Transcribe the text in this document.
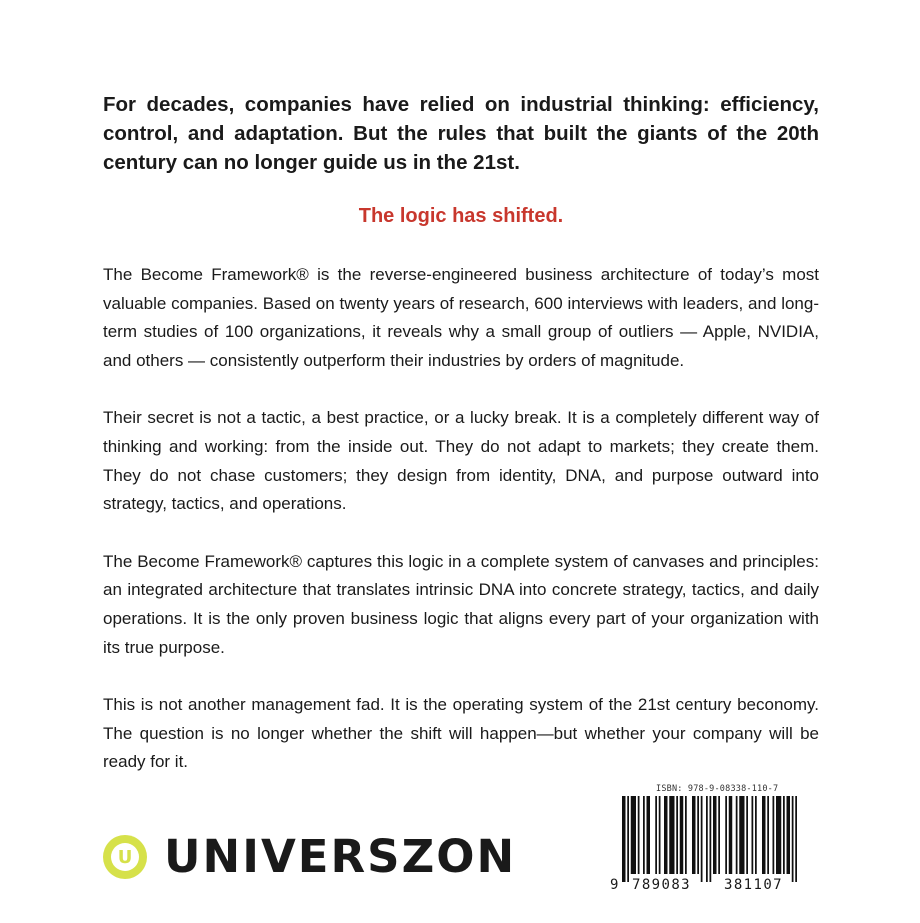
For decades, companies have relied on industrial thinking: efficiency, control, and adaptation. But the rules that built the giants of the 20th century can no longer guide us in the 21st.

The logic has shifted.

The Become Framework® is the reverse-engineered business architecture of today’s most valuable companies. Based on twenty years of research, 600 interviews with leaders, and long-term studies of 100 organizations, it reveals why a small group of outliers — Apple, NVIDIA, and others — consistently outperform their industries by orders of magnitude.

Their secret is not a tactic, a best practice, or a lucky break. It is a completely different way of thinking and working: from the inside out. They do not adapt to markets; they create them. They do not chase customers; they design from identity, DNA, and purpose outward into strategy, tactics, and operations.

The Become Framework® captures this logic in a complete system of canvases and principles: an integrated architecture that translates intrinsic DNA into concrete strategy, tactics, and daily operations. It is the only proven business logic that aligns every part of your organization with its true purpose.

This is not another management fad. It is the operating system of the 21st century beconomy. The question is no longer whether the shift will happen—but whether your company will be ready for it.

U UNIVERSZON
ISBN: 978-9-08338-110-7
9 789083 381107
